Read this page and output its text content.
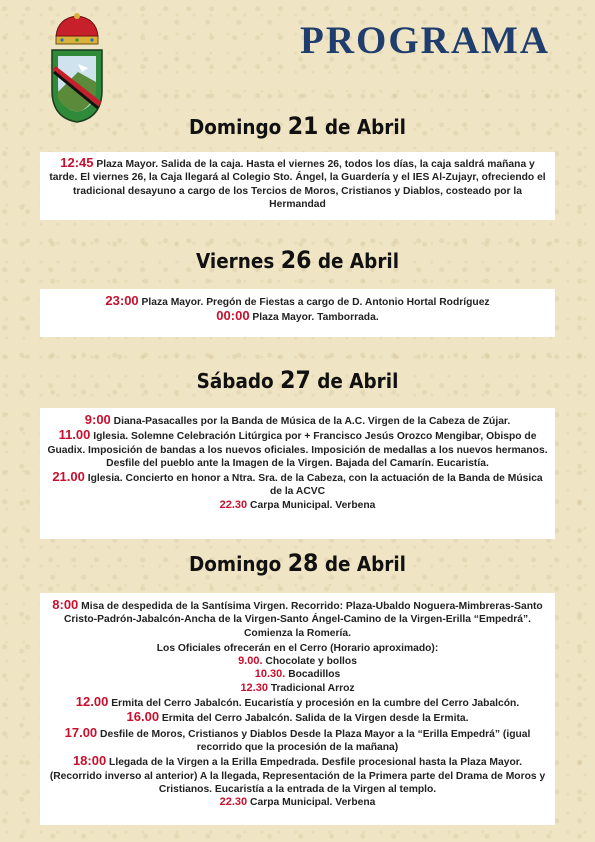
PROGRAMA
Domingo 21 de Abril

12:45 Plaza Mayor. Salida de la caja. Hasta el viernes 26, todos los días, la caja saldrá mañana y tarde. El viernes 26, la Caja llegará al Colegio Sto. Ángel, la Guardería y el IES Al-Zujayr, ofreciendo el tradicional desayuno a cargo de los Tercios de Moros, Cristianos y Diablos, costeado por la Hermandad

Viernes 26 de Abril

23:00 Plaza Mayor. Pregón de Fiestas a cargo de D. Antonio Hortal Rodríguez

00:00 Plaza Mayor. Tamborrada.

Sábado 27 de Abril

9:00 Diana-Pasacalles por la Banda de Música de la A.C. Virgen de la Cabeza de Zújar.

11.00 Iglesia. Solemne Celebración Litúrgica por + Francisco Jesús Orozco Mengibar, Obispo de Guadix. Imposición de bandas a los nuevos oficiales. Imposición de medallas a los nuevos hermanos. Desfile del pueblo ante la Imagen de la Virgen. Bajada del Camarín. Eucaristía.

21.00 Iglesia. Concierto en honor a Ntra. Sra. de la Cabeza, con la actuación de la Banda de Música de la ACVC

22.30 Carpa Municipal. Verbena

Domingo 28 de Abril

8:00 Misa de despedida de la Santísima Virgen. Recorrido: Plaza-Ubaldo Noguera-Mimbreras-Santo Cristo-Padrón-Jabalcón-Ancha de la Virgen-Santo Ángel-Camino de la Virgen-Erilla “Empedrá”. Comienza la Romería.

Los Oficiales ofrecerán en el Cerro (Horario aproximado):

9.00. Chocolate y bollos

10.30. Bocadillos

12.30 Tradicional Arroz

12.00 Ermita del Cerro Jabalcón. Eucaristía y procesión en la cumbre del Cerro Jabalcón.

16.00 Ermita del Cerro Jabalcón. Salida de la Virgen desde la Ermita.

17.00 Desfile de Moros, Cristianos y Diablos Desde la Plaza Mayor a la “Erilla Empedrá” (igual recorrido que la procesión de la mañana)

18:00 Llegada de la Virgen a la Erilla Empedrada. Desfile procesional hasta la Plaza Mayor. (Recorrido inverso al anterior) A la llegada, Representación de la Primera parte del Drama de Moros y Cristianos. Eucaristía a la entrada de la Virgen al templo.

22.30 Carpa Municipal. Verbena
